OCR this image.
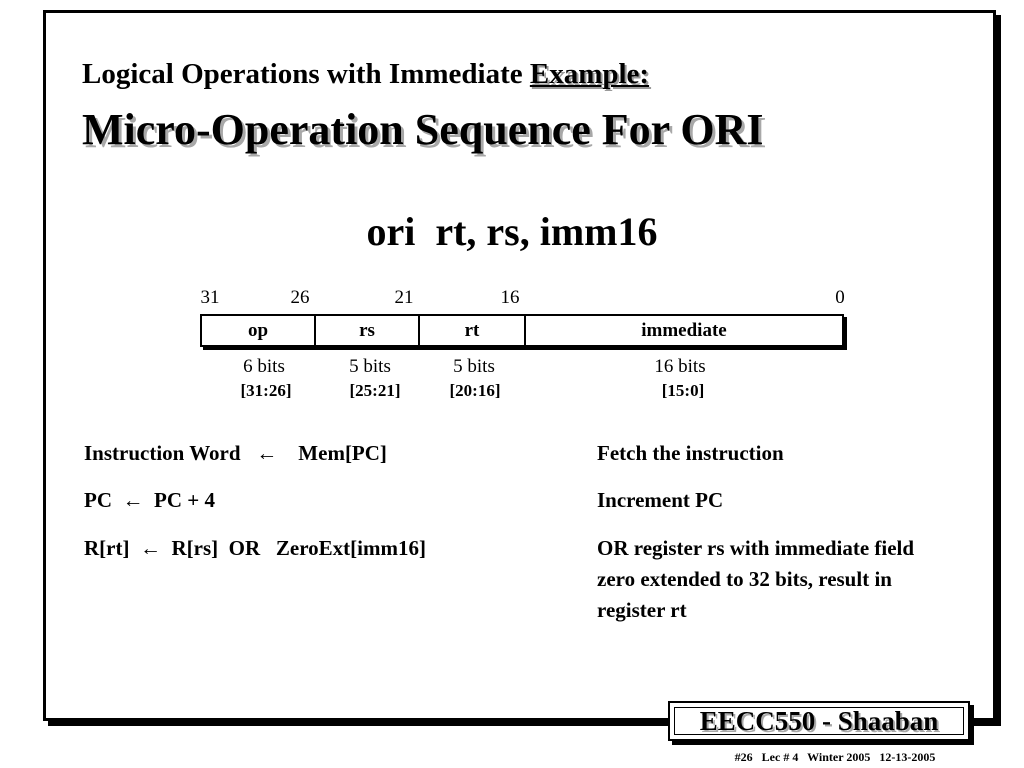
Logical Operations with Immediate Example:
Micro-Operation Sequence For ORI
ori  rt, rs, imm16
31	26	21	16	0
op	rs	rt	immediate
6 bits	5 bits	5 bits	16 bits
[31:26]	[25:21]	[20:16]	[15:0]
Instruction Word   ←    Mem[PC]	Fetch the instruction
PC  ←  PC + 4	Increment PC
R[rt]  ←  R[rs]  OR   ZeroExt[imm16]	OR register rs with immediate field zero extended to 32 bits, result in register rt
EECC550 - Shaaban
#26   Lec # 4   Winter 2005   12-13-2005
